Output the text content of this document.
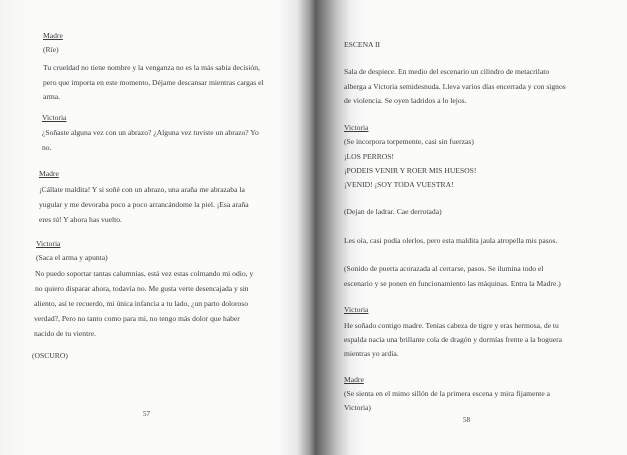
Madre
(Ríe)
Tu crueldad no tiene nombre y la venganza no es la más sabia decisión,
pero que importa en este momento, Déjame descansar mientras cargas el
arma.
Victoria
¿Soñaste alguna vez con un abrazo? ¿Alguna vez tuviste un abrazo? Yo
no.
Madre
¡Cállate maldita! Y si soñé con un abrazo, una araña me abrazaba la
yugular y me devoraba poco a poco arrancándome la piel. ¡Esa araña
eres tú! Y ahora has vuelto.
Victoria
(Saca el arma y apunta)
No puedo soportar tantas calumnias, está vez estas colmando mi odio, y
no quiero disparar ahora, todavía no. Me gusta verte desencajada y sin
aliento, así te recuerdo, mi única infancia a tu lado, ¿un parto doloroso
verdad?, Pero no tanto como para mi, no tengo más dolor que haber
nacido de tu vientre.
(OSCURO)
57
ESCENA II
Sala de despiece. En medio del escenario un cilindro de metacrilato
alberga a Victoria semidesnuda. Lleva varios días encerrada y con signos
de violencia. Se oyen ladridos a lo lejos.
Victoria
(Se incorpora torpemente, casi sin fuerzas)
¡LOS PERROS!
¡PODEIS VENIR Y ROER MIS HUESOS!
¡VENID! ¡SOY TODA VUESTRA!
(Dejan de ladrar. Cae derrotada)
Les oía, casi podía olerlos, pero esta maldita jaula atropella mis pasos.
(Sonido de puerta acorazada al cerrarse, pasos. Se ilumina todo el
escenario y se ponen en funcionamiento las máquinas. Entra la Madre.)
Victoria
He soñado contigo madre. Tenías cabeza de tigre y eras hermosa, de tu
espalda nacía una brillante cola de dragón y dormías frente a la boguera
mientras yo ardía.
Madre
(Se sienta en el mimo sillón de la primera escena y mira fijamente a
Victoria)
58
